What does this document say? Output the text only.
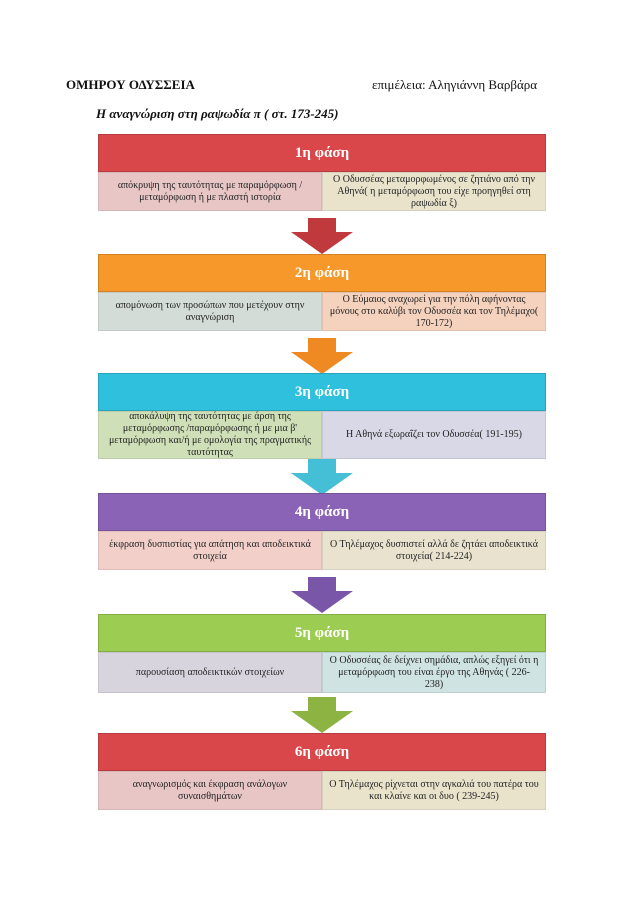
ΟΜΗΡΟΥ ΟΔΥΣΣΕΙΑ	επιμέλεια: Αληγιάννη Βαρβάρα
Η αναγνώριση στη ραψωδία π ( στ. 173-245)
1η φάση
απόκρυψη της ταυτότητας με παραμόρφωση /μεταμόρφωση ή με πλαστή ιστορία
Ο Οδυσσέας μεταμορφωμένος σε ζητιάνο από την Αθηνά( η μεταμόρφωση του είχε προηγηθεί στη ραψωδία ξ)
2η φάση
απομόνωση των προσώπων που μετέχουν στην αναγνώριση
Ο Εύμαιος αναχωρεί για την πόλη αφήνοντας μόνους στο καλύβι τον Οδυσσέα και τον Τηλέμαχο( 170-172)
3η φάση
αποκάλυψη της ταυτότητας με άρση της μεταμόρφωσης /παραμόρφωσης ή με μια β' μεταμόρφωση και/ή με ομολογία της πραγματικής ταυτότητας
Η Αθηνά εξωραΐζει τον Οδυσσέα( 191-195)
4η φάση
έκφραση δυσπιστίας για απάτηση και αποδεικτικά στοιχεία
Ο Τηλέμαχος δυσπιστεί αλλά δε ζητάει αποδεικτικά στοιχεία( 214-224)
5η φάση
παρουσίαση αποδεικτικών στοιχείων
Ο Οδυσσέας δε δείχνει σημάδια, απλώς εξηγεί ότι η μεταμόρφωση του είναι έργο της Αθηνάς ( 226-238)
6η φάση
αναγνωρισμός και έκφραση ανάλογων συναισθημάτων
Ο Τηλέμαχος ρίχνεται στην αγκαλιά του πατέρα του και κλαίνε και οι δυο ( 239-245)
